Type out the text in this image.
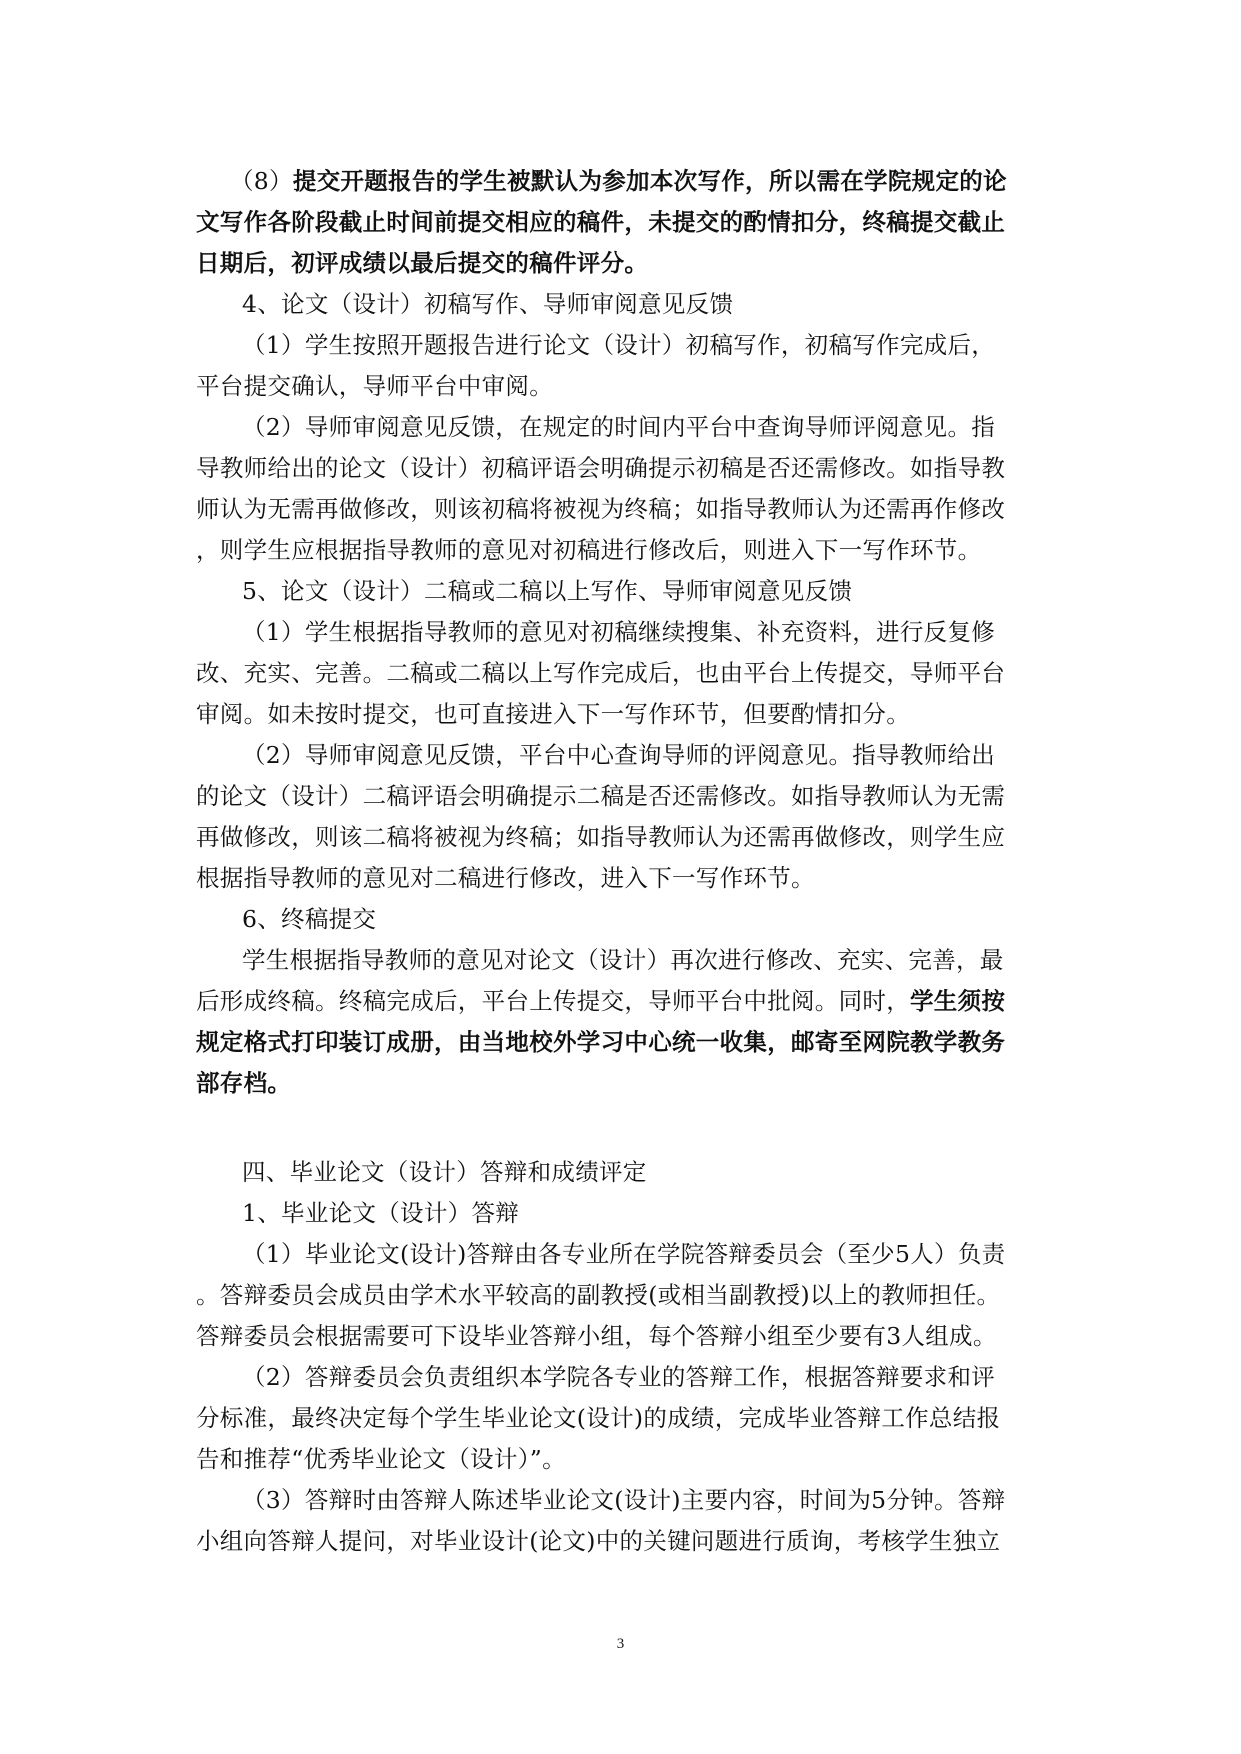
（8）提交开题报告的学生被默认为参加本次写作，所以需在学院规定的论
文写作各阶段截止时间前提交相应的稿件，未提交的酌情扣分，终稿提交截止
日期后，初评成绩以最后提交的稿件评分。
4、论文（设计）初稿写作、导师审阅意见反馈
（1）学生按照开题报告进行论文（设计）初稿写作，初稿写作完成后，
平台提交确认，导师平台中审阅。
（2）导师审阅意见反馈，在规定的时间内平台中查询导师评阅意见。指
导教师给出的论文（设计）初稿评语会明确提示初稿是否还需修改。如指导教
师认为无需再做修改，则该初稿将被视为终稿；如指导教师认为还需再作修改
，则学生应根据指导教师的意见对初稿进行修改后，则进入下一写作环节。
5、论文（设计）二稿或二稿以上写作、导师审阅意见反馈
（1）学生根据指导教师的意见对初稿继续搜集、补充资料，进行反复修
改、充实、完善。二稿或二稿以上写作完成后，也由平台上传提交，导师平台
审阅。如未按时提交，也可直接进入下一写作环节，但要酌情扣分。
（2）导师审阅意见反馈，平台中心查询导师的评阅意见。指导教师给出
的论文（设计）二稿评语会明确提示二稿是否还需修改。如指导教师认为无需
再做修改，则该二稿将被视为终稿；如指导教师认为还需再做修改，则学生应
根据指导教师的意见对二稿进行修改，进入下一写作环节。
6、终稿提交
学生根据指导教师的意见对论文（设计）再次进行修改、充实、完善，最
后形成终稿。终稿完成后，平台上传提交，导师平台中批阅。同时，学生须按
规定格式打印装订成册，由当地校外学习中心统一收集，邮寄至网院教学教务
部存档。
四、毕业论文（设计）答辩和成绩评定
1、毕业论文（设计）答辩
（1）毕业论文(设计)答辩由各专业所在学院答辩委员会（至少5人）负责
。答辩委员会成员由学术水平较高的副教授(或相当副教授)以上的教师担任。
答辩委员会根据需要可下设毕业答辩小组，每个答辩小组至少要有3人组成。
（2）答辩委员会负责组织本学院各专业的答辩工作，根据答辩要求和评
分标准，最终决定每个学生毕业论文(设计)的成绩，完成毕业答辩工作总结报
告和推荐“优秀毕业论文（设计）”。
（3）答辩时由答辩人陈述毕业论文(设计)主要内容，时间为5分钟。答辩
小组向答辩人提问，对毕业设计(论文)中的关键问题进行质询，考核学生独立
3
